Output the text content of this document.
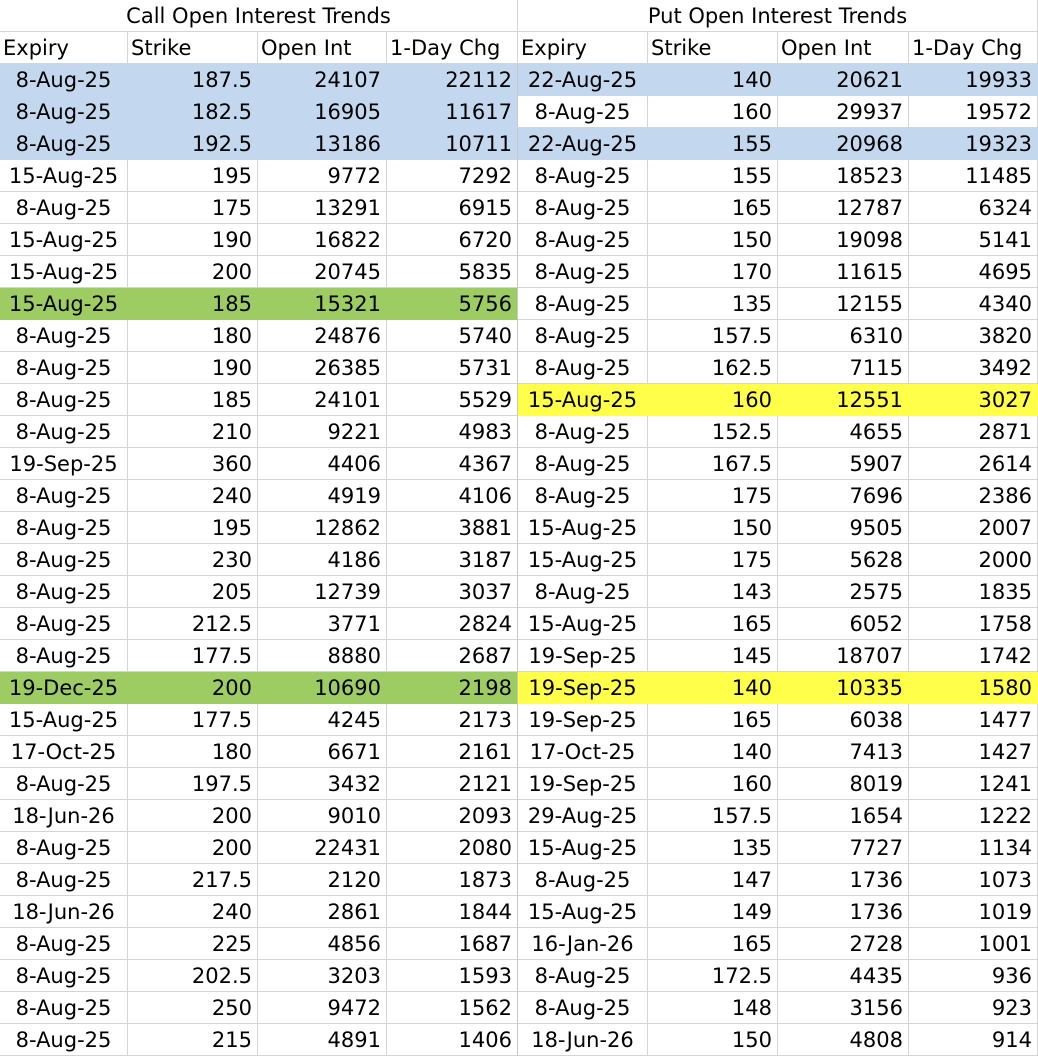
Call Open Interest Trends	Put Open Interest Trends
Expiry	Strike	Open Int	1-Day Chg Expiry	Strike	Open Int	1-Day Chg
8-Aug-25	187.5	24107	22112 22-Aug-25	140	20621	19933
8-Aug-25	182.5	16905	11617	8-Aug-25	160	29937	19572
8-Aug-25	192.5	13186	10711 22-Aug-25	155	20968	19323
15-Aug-25	195	9772	7292	8-Aug-25	155	18523	11485
8-Aug-25	175	13291	6915	8-Aug-25	165	12787	6324
15-Aug-25	190	16822	6720	8-Aug-25	150	19098	5141
15-Aug-25	200	20745	5835	8-Aug-25	170	11615	4695
15-Aug-25	185	15321	5756	8-Aug-25	135	12155	4340
8-Aug-25	180	24876	5740	8-Aug-25	157.5	6310	3820
8-Aug-25	190	26385	5731	8-Aug-25	162.5	7115	3492
8-Aug-25	185	24101	5529 15-Aug-25	160	12551	3027
8-Aug-25	210	9221	4983	8-Aug-25	152.5	4655	2871
19-Sep-25	360	4406	4367	8-Aug-25	167.5	5907	2614
8-Aug-25	240	4919	4106	8-Aug-25	175	7696	2386
8-Aug-25	195	12862	3881 15-Aug-25	150	9505	2007
8-Aug-25	230	4186	3187 15-Aug-25	175	5628	2000
8-Aug-25	205	12739	3037	8-Aug-25	143	2575	1835
8-Aug-25	212.5	3771	2824 15-Aug-25	165	6052	1758
8-Aug-25	177.5	8880	2687 19-Sep-25	145	18707	1742
19-Dec-25	200	10690	2198 19-Sep-25	140	10335	1580
15-Aug-25	177.5	4245	2173 19-Sep-25	165	6038	1477
17-Oct-25	180	6671	2161 17-Oct-25	140	7413	1427
8-Aug-25	197.5	3432	2121 19-Sep-25	160	8019	1241
18-Jun-26	200	9010	2093 29-Aug-25	157.5	1654	1222
8-Aug-25	200	22431	2080 15-Aug-25	135	7727	1134
8-Aug-25	217.5	2120	1873	8-Aug-25	147	1736	1073
18-Jun-26	240	2861	1844 15-Aug-25	149	1736	1019
8-Aug-25	225	4856	1687 16-Jan-26	165	2728	1001
8-Aug-25	202.5	3203	1593	8-Aug-25	172.5	4435	936
8-Aug-25	250	9472	1562	8-Aug-25	148	3156	923
8-Aug-25	215	4891	1406 18-Jun-26	150	4808	914
